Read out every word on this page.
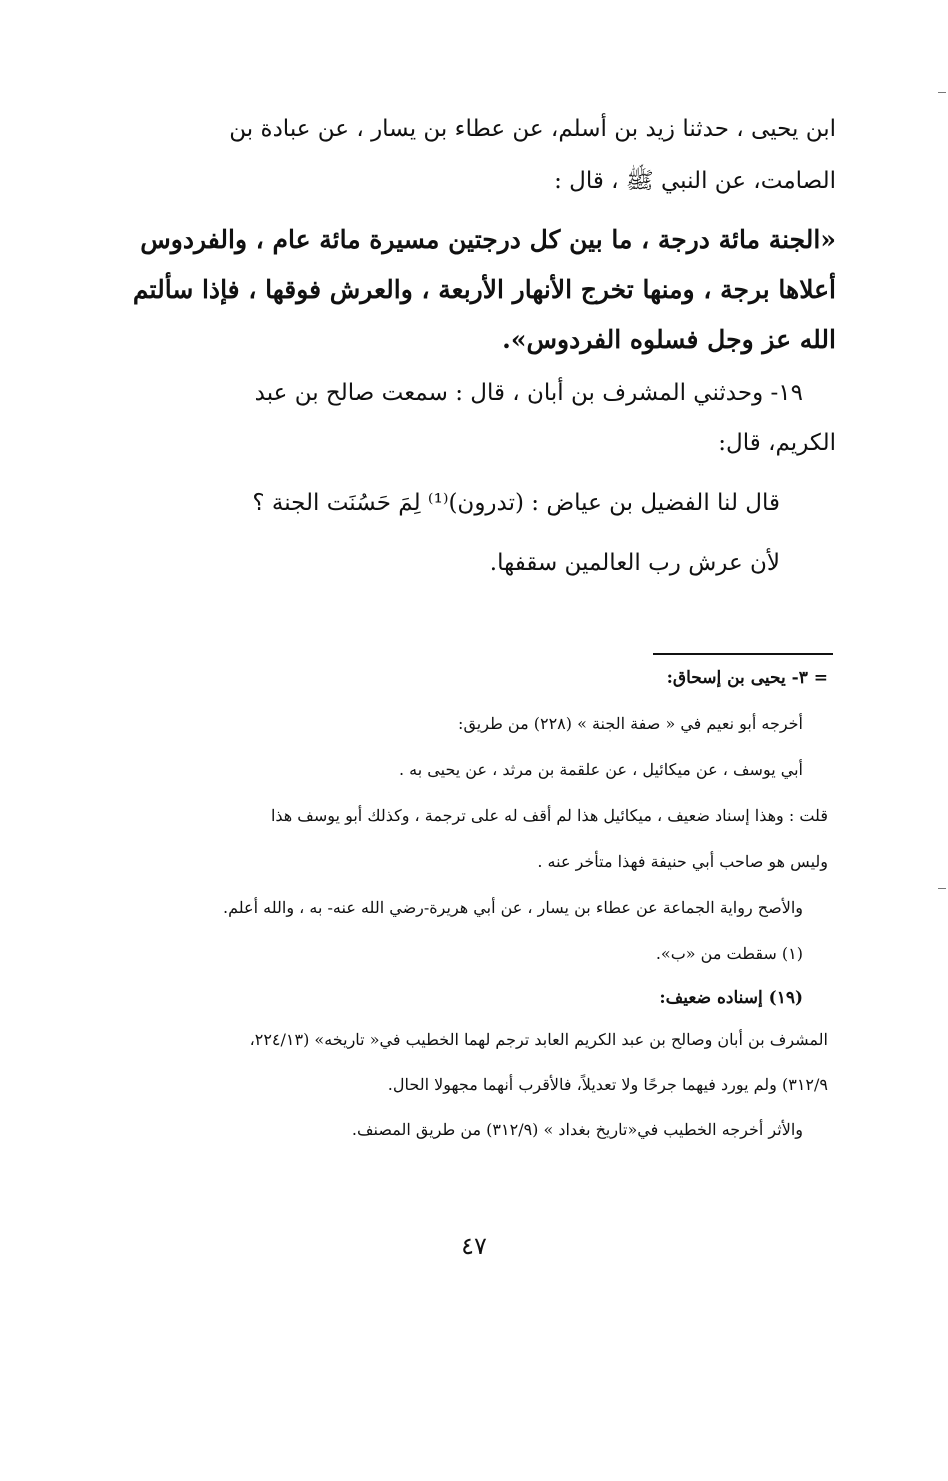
ابن يحيى ، حدثنا زيد بن أسلم، عن عطاء بن يسار ، عن عبادة بن
الصامت، عن النبي ﷺ ، قال :
«الجنة مائة درجة ، ما بين كل درجتين مسيرة مائة عام ، والفردوس
أعلاها برجة ، ومنها تخرج الأنهار الأربعة ، والعرش فوقها ، فإذا سألتم
الله عز وجل فسلوه الفردوس».
١٩- وحدثني المشرف بن أبان ، قال : سمعت صالح بن عبد
الكريم، قال:
قال لنا الفضيل بن عياض : (تدرون)⁽¹⁾ لِمَ حَسُنَت الجنة ؟
لأن عرش رب العالمين سقفها.
= ٣- يحيى بن إسحاق:
أخرجه أبو نعيم في « صفة الجنة » (٢٢٨) من طريق:
أبي يوسف ، عن ميكائيل ، عن علقمة بن مرثد ، عن يحيى به .
قلت : وهذا إسناد ضعيف ، ميكائيل هذا لم أقف له على ترجمة ، وكذلك أبو يوسف هذا
وليس هو صاحب أبي حنيفة فهذا متأخر عنه .
والأصح رواية الجماعة عن عطاء بن يسار ، عن أبي هريرة-رضي الله عنه- به ، والله أعلم.
(١) سقطت من «ب».
(١٩) إسناده ضعيف:
المشرف بن أبان وصالح بن عبد الكريم العابد ترجم لهما الخطيب في« تاريخه» (٢٢٤/١٣،
٣١٢/٩) ولم يورد فيهما جرحًا ولا تعديلاً، فالأقرب أنهما مجهولا الحال.
والأثر أخرجه الخطيب في«تاريخ بغداد » (٣١٢/٩) من طريق المصنف.
٤٧
